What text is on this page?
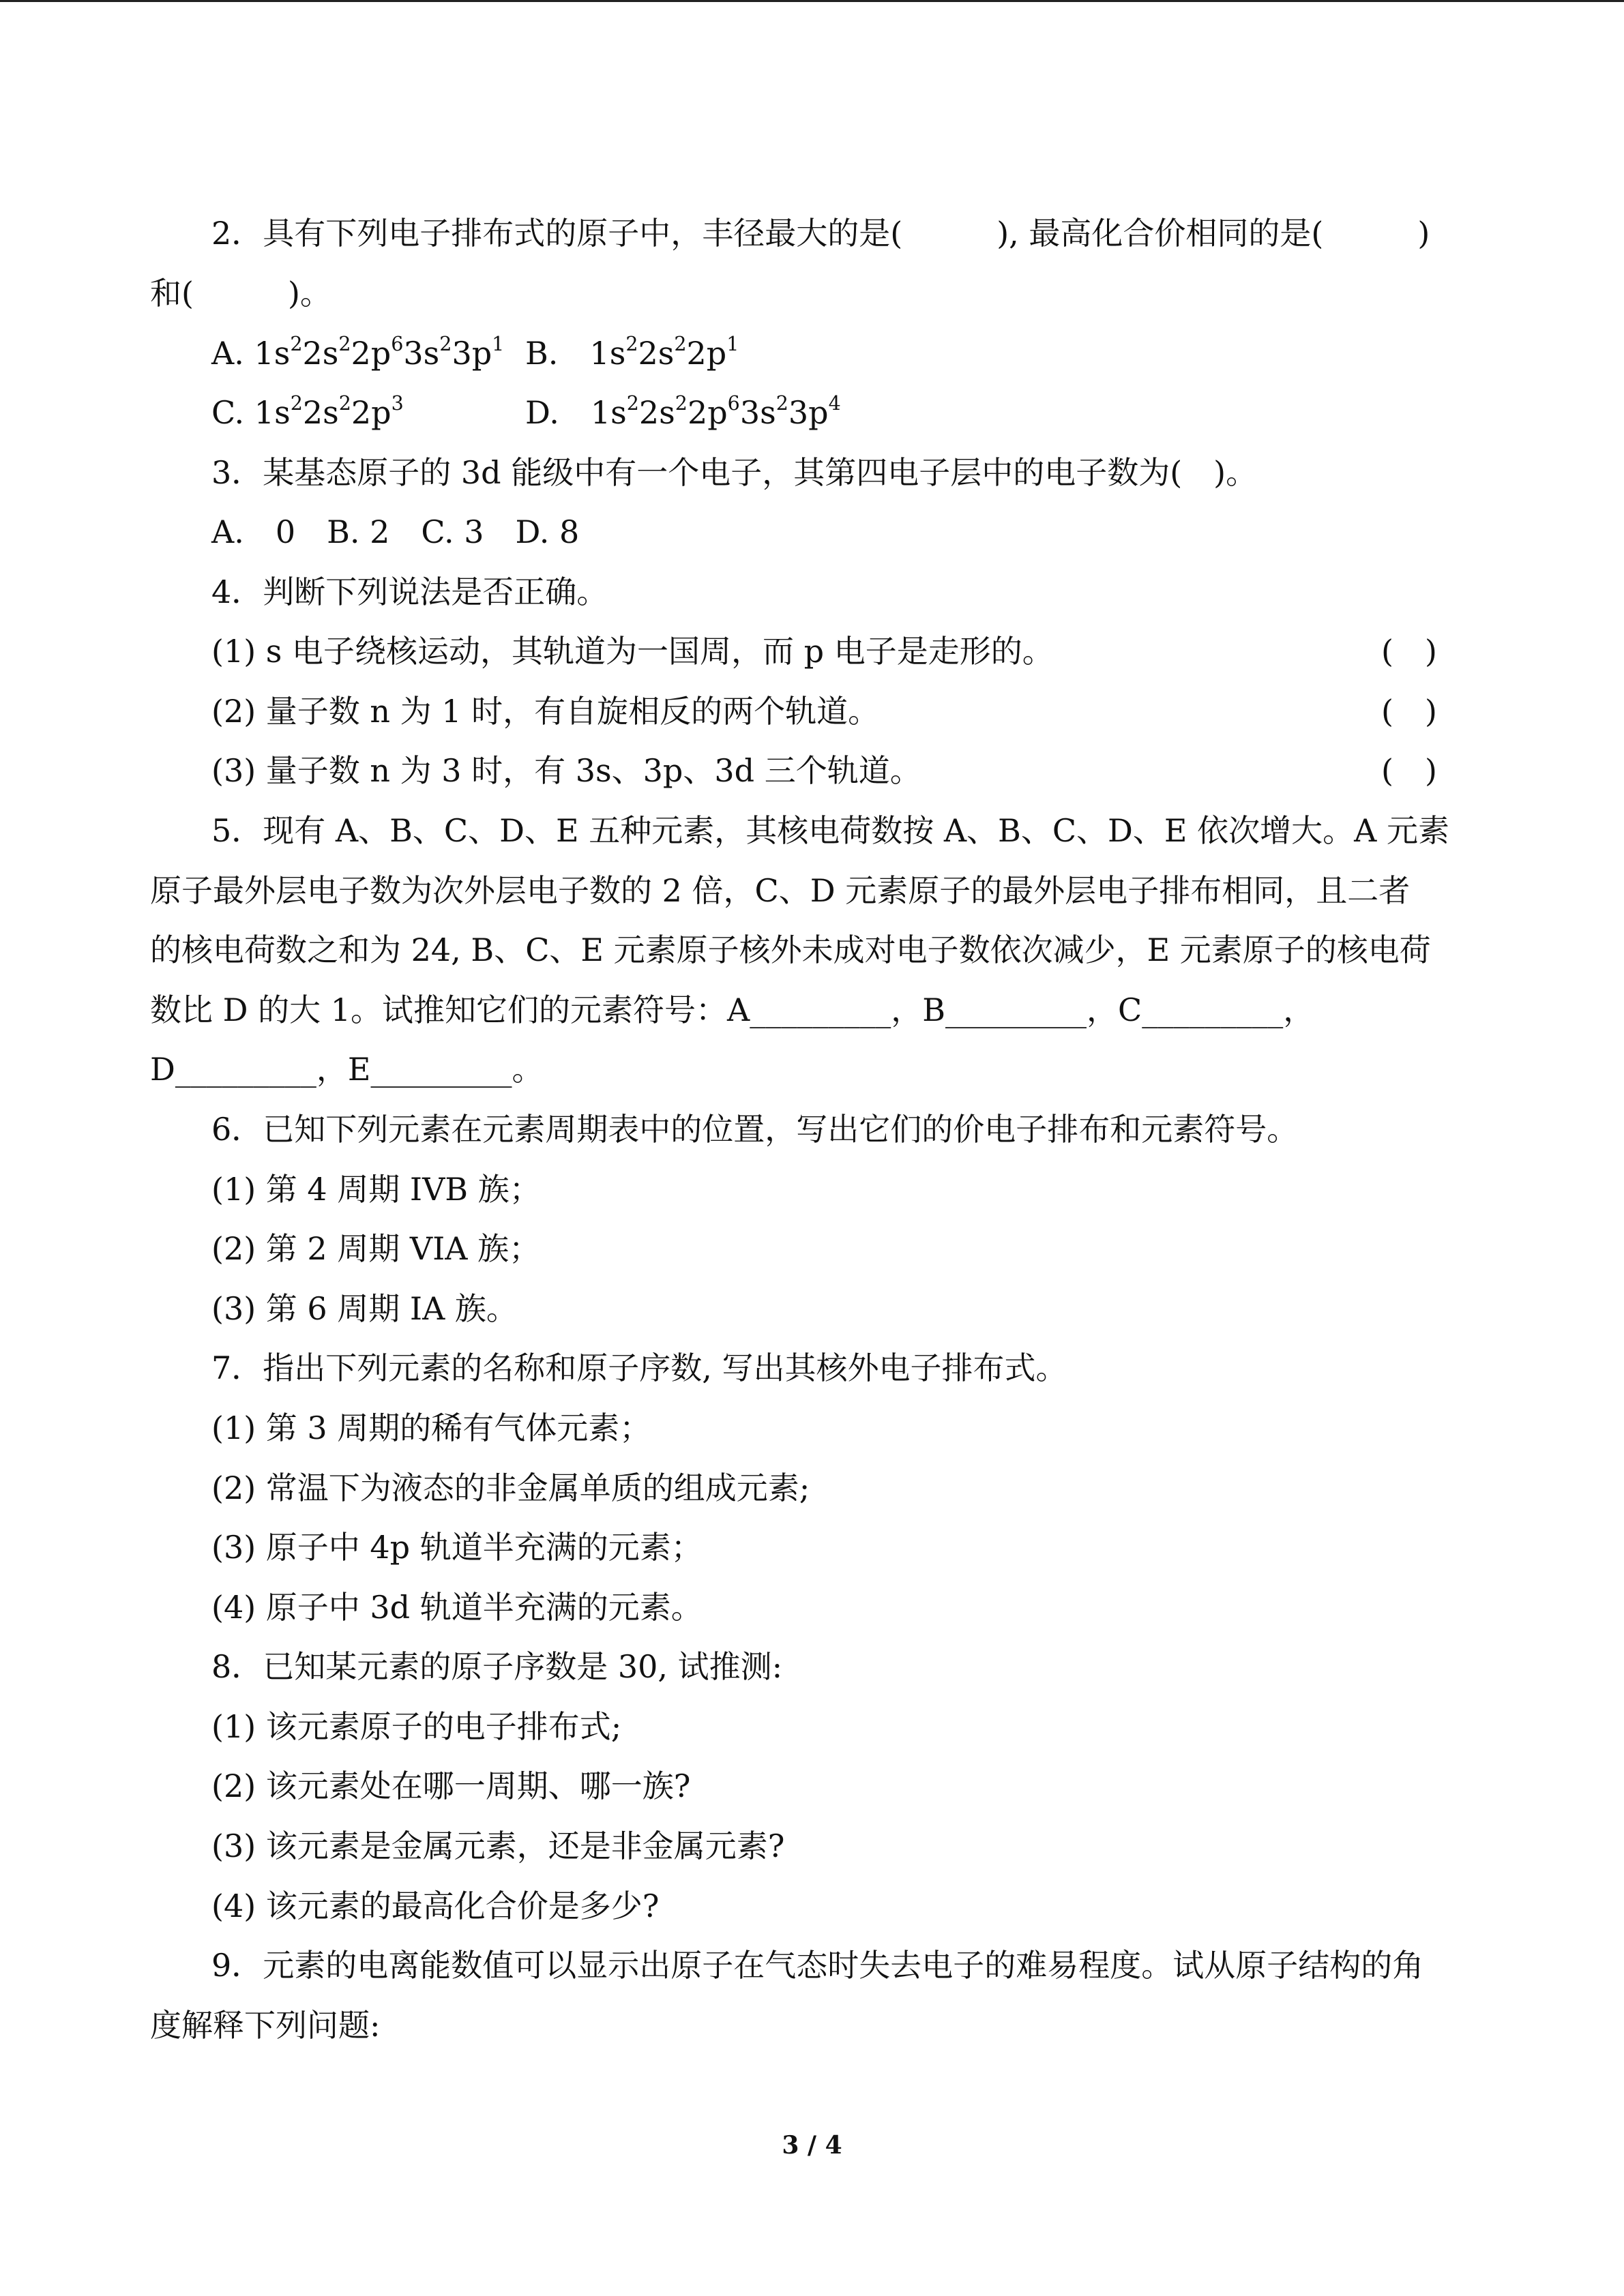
2．具有下列电子排布式的原子中，丰径最大的是(　　　), 最高化合价相同的是(　　　)
和(　　　)。
A. $1s^22s^22p^63s^23p^1$ B.　$1s^22s^22p^1$
C. $1s^22s^22p^3$	D.　$1s^22s^22p^63s^23p^4$
3．某基态原子的 3d 能级中有一个电子，其第四电子层中的电子数为(　)。
A.　0　B. 2　C. 3　D. 8
4．判断下列说法是否正确。
(1) s 电子绕核运动，其轨道为一国周，而 p 电子是走形的。	(　)
(2) 量子数 n 为 1 时，有自旋相反的两个轨道。	(　)
(3) 量子数 n 为 3 时，有 3s、3p、3d 三个轨道。	(　)
5．现有 A、B、C、D、E 五种元素，其核电荷数按 A、B、C、D、E 依次增大。A 元素
原子最外层电子数为次外层电子数的 2 倍，C、D 元素原子的最外层电子排布相同，且二者
的核电荷数之和为 24, B、C、E 元素原子核外未成对电子数依次减少，E 元素原子的核电荷
数比 D 的大 1。试推知它们的元素符号：A_________，B_________，C_________，
D_________，E_________。
6．已知下列元素在元素周期表中的位置，写出它们的价电子排布和元素符号。
(1) 第 4 周期 IVB 族；
(2) 第 2 周期 VIA 族；
(3) 第 6 周期 IA 族。
7．指出下列元素的名称和原子序数, 写出其核外电子排布式。
(1) 第 3 周期的稀有气体元素；
(2) 常温下为液态的非金属单质的组成元素;
(3) 原子中 4p 轨道半充满的元素；
(4) 原子中 3d 轨道半充满的元素。
8．已知某元素的原子序数是 30, 试推测:
(1) 该元素原子的电子排布式;
(2) 该元素处在哪一周期、哪一族?
(3) 该元素是金属元素，还是非金属元素?
(4) 该元素的最高化合价是多少?
9．元素的电离能数值可以显示出原子在气态时失去电子的难易程度。试从原子结构的角
度解释下列问题:
3 / 4
